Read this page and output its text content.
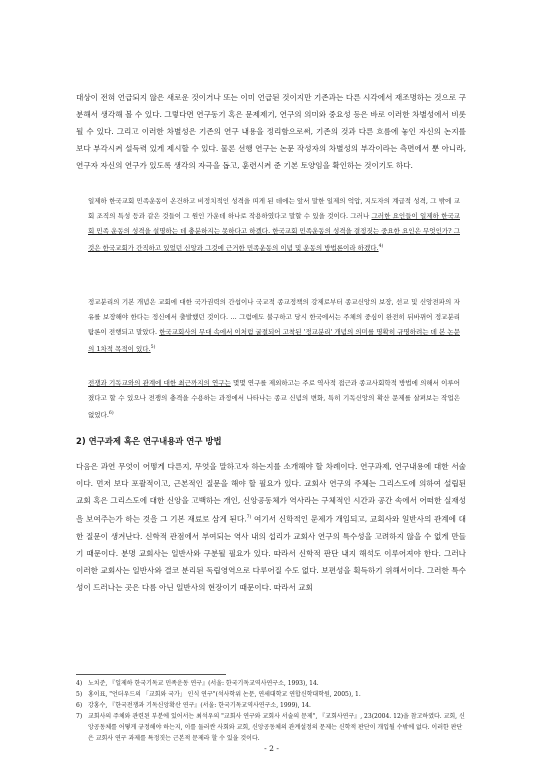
대상이 전혀 언급되지 않은 새로운 것이거나 또는 이미 언급된 것이지만 기존과는 다른 시각에서 재조명하는 것으로 구분해서 생각해 볼 수 있다. 그렇다면 연구동기 혹은 문제제기, 연구의 의미와 중요성 등은 바로 이러한 차별성에서 비롯될 수 있다. 그리고 이러한 차별성은 기존의 연구 내용을 정리함으로써, 기존의 것과 다른 흐름에 놓인 자신의 논지를 보다 부각시켜 설득력 있게 제시할 수 있다. 물론 선행 연구는 논문 작성자의 차별성의 부각이라는 측면에서 뿐 아니라, 연구자 자신의 연구가 있도록 생각의 자극을 돕고, 훈련시켜 준 기본 토양임을 확인하는 것이기도 하다.

일제하 한국교회 민족운동이 온건하고 비정치적인 성격을 띠게 된 데에는 앞서 말한 일제의 억압, 지도자의 계급적 성격, 그 밖에 교회 조직의 특성 등과 같은 것들이 그 원인 가운데 하나로 작용하였다고 말할 수 있을 것이다. 그러나 그러한 요인들이 일제하 한국교회 민족 운동의 성격을 설명하는 데 충분하지는 못하다고 하겠다. 한국교회 민족운동의 성격을 결정짓는 중요한 요인은 무엇인가? 그것은 한국교회가 간직하고 있었던 신앙과 그것에 근거한 민족운동의 이념 및 운동의 방법론이라 하겠다.$^{4)}$

정교분리의 기본 개념은 교회에 대한 국가권력의 간섭이나 국교적 종교정책의 강제로부터 종교신앙의 보장, 선교 및 신앙전파의 자유를 보장해야 한다는 정신에서 출발했던 것이다. ... 그럼에도 불구하고 당시 한국에서는 주체의 중심이 완전히 뒤바뀌어 정교분리 탐론이 전행되고 말았다. 한국교회사의 무대 속에서 이처럼 굴절되어 고착된 '정교분리' 개념의 의미를 명확히 규명하려는 데 본 논문의 1차적 목적이 있다.$^{5)}$

전쟁과 기독교와의 관계에 대한 최근까지의 연구는 몇몇 연구를 제외하고는 주로 역사적 접근과 종교사회학적 방법에 의해서 이루어졌다고 할 수 있으나 전쟁의 충격을 수용하는 과정에서 나타나는 종교 신념의 변화, 특히 기독신앙의 확산 문제를 살펴보는 작업은 없었다.$^{6)}$

2) 연구과제 혹은 연구내용과 연구 방법

다음은 과연 무엇이 어떻게 다른지, 무엇을 말하고자 하는지를 소개해야 할 차례이다. 연구과제, 연구내용에 대한 서술이다. 먼저 보다 포괄적이고, 근본적인 질문을 해야 할 필요가 있다. 교회사 연구의 주체는 그리스도에 의하여 설립된 교회 혹은 그리스도에 대한 신앙을 고백하는 개인, 신앙공동체가 역사라는 구체적인 시간과 공간 속에서 어떠한 실재성을 보여주는가 하는 것을 그 기본 재료로 삼게 된다.$^{7)}$ 여기서 신학적인 문제가 개입되고, 교회사와 일반사의 관계에 대한 질문이 생겨난다. 신학적 관점에서 부여되는 역사 내의 섭리가 교회사 연구의 특수성을 고려하지 않을 수 없게 만들기 때문이다. 분명 교회사는 일반사와 구분될 필요가 있다. 따라서 신학적 판단 내지 해석도 이루어져야 한다. 그러나 이러한 교회사는 일반사와 결코 분리된 독립영역으로 다루어질 수도 없다. 보편성을 획득하기 위해서이다. 그러한 특수성이 드러나는 곳은 다름 아닌 일반사의 현장이기 때문이다. 따라서 교회

4) 노치준, 『일제하 한국기독교 민족운동 연구』(서울: 한국기독교역사연구소, 1993), 14.

5) 홍이표, "언더우드의 「교회와 국가」 인식 연구"(석사학위 논문, 연세대학교 연합신학대학원, 2005), 1.

6) 강홍수, 『한국전쟁과 기독신앙확산 연구』(서울: 한국기독교역사연구소, 1999), 14.

7) 교회사의 주체와 관련된 부분에 있어서는 최석우의 "교회사 연구와 교회사 서술의 문제", 『교회사연구』, 23(2004. 12)을 참고하였다. 교회, 신앙공동체를 어떻게 규정해야 하는지, 이를 둘러싼 사회와 교회, 신앙공동체의 관계설정의 문제는 신학적 판단이 개입될 수밖에 없다. 이러한 판단은 교회사 연구 과제를 특정짓는 근본적 문제라 할 수 있을 것이다.

- 2 -
